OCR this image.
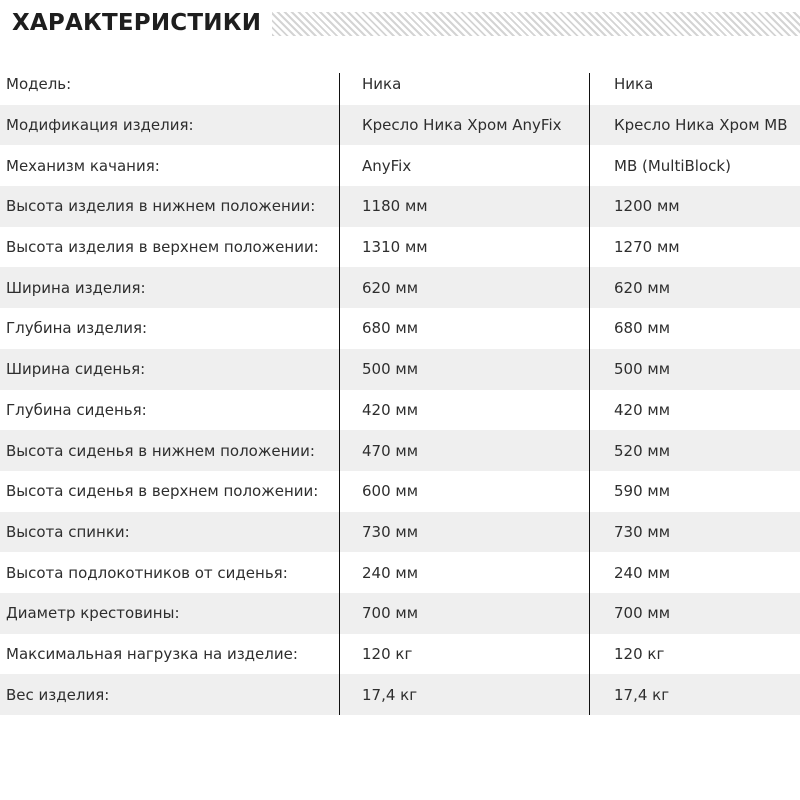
ХАРАКТЕРИСТИКИ
Модель:	Ника	Ника
Модификация изделия:	Кресло Ника Хром AnyFix	Кресло Ника Хром MB
Механизм качания:	AnyFix	MB (MultiBlock)
Высота изделия в нижнем положении:	1180 мм	1200 мм
Высота изделия в верхнем положении:	1310 мм	1270 мм
Ширина изделия:	620 мм	620 мм
Глубина изделия:	680 мм	680 мм
Ширина сиденья:	500 мм	500 мм
Глубина сиденья:	420 мм	420 мм
Высота сиденья в нижнем положении:	470 мм	520 мм
Высота сиденья в верхнем положении:	600 мм	590 мм
Высота спинки:	730 мм	730 мм
Высота подлокотников от сиденья:	240 мм	240 мм
Диаметр крестовины:	700 мм	700 мм
Максимальная нагрузка на изделие:	120 кг	120 кг
Вес изделия:	17,4 кг	17,4 кг
